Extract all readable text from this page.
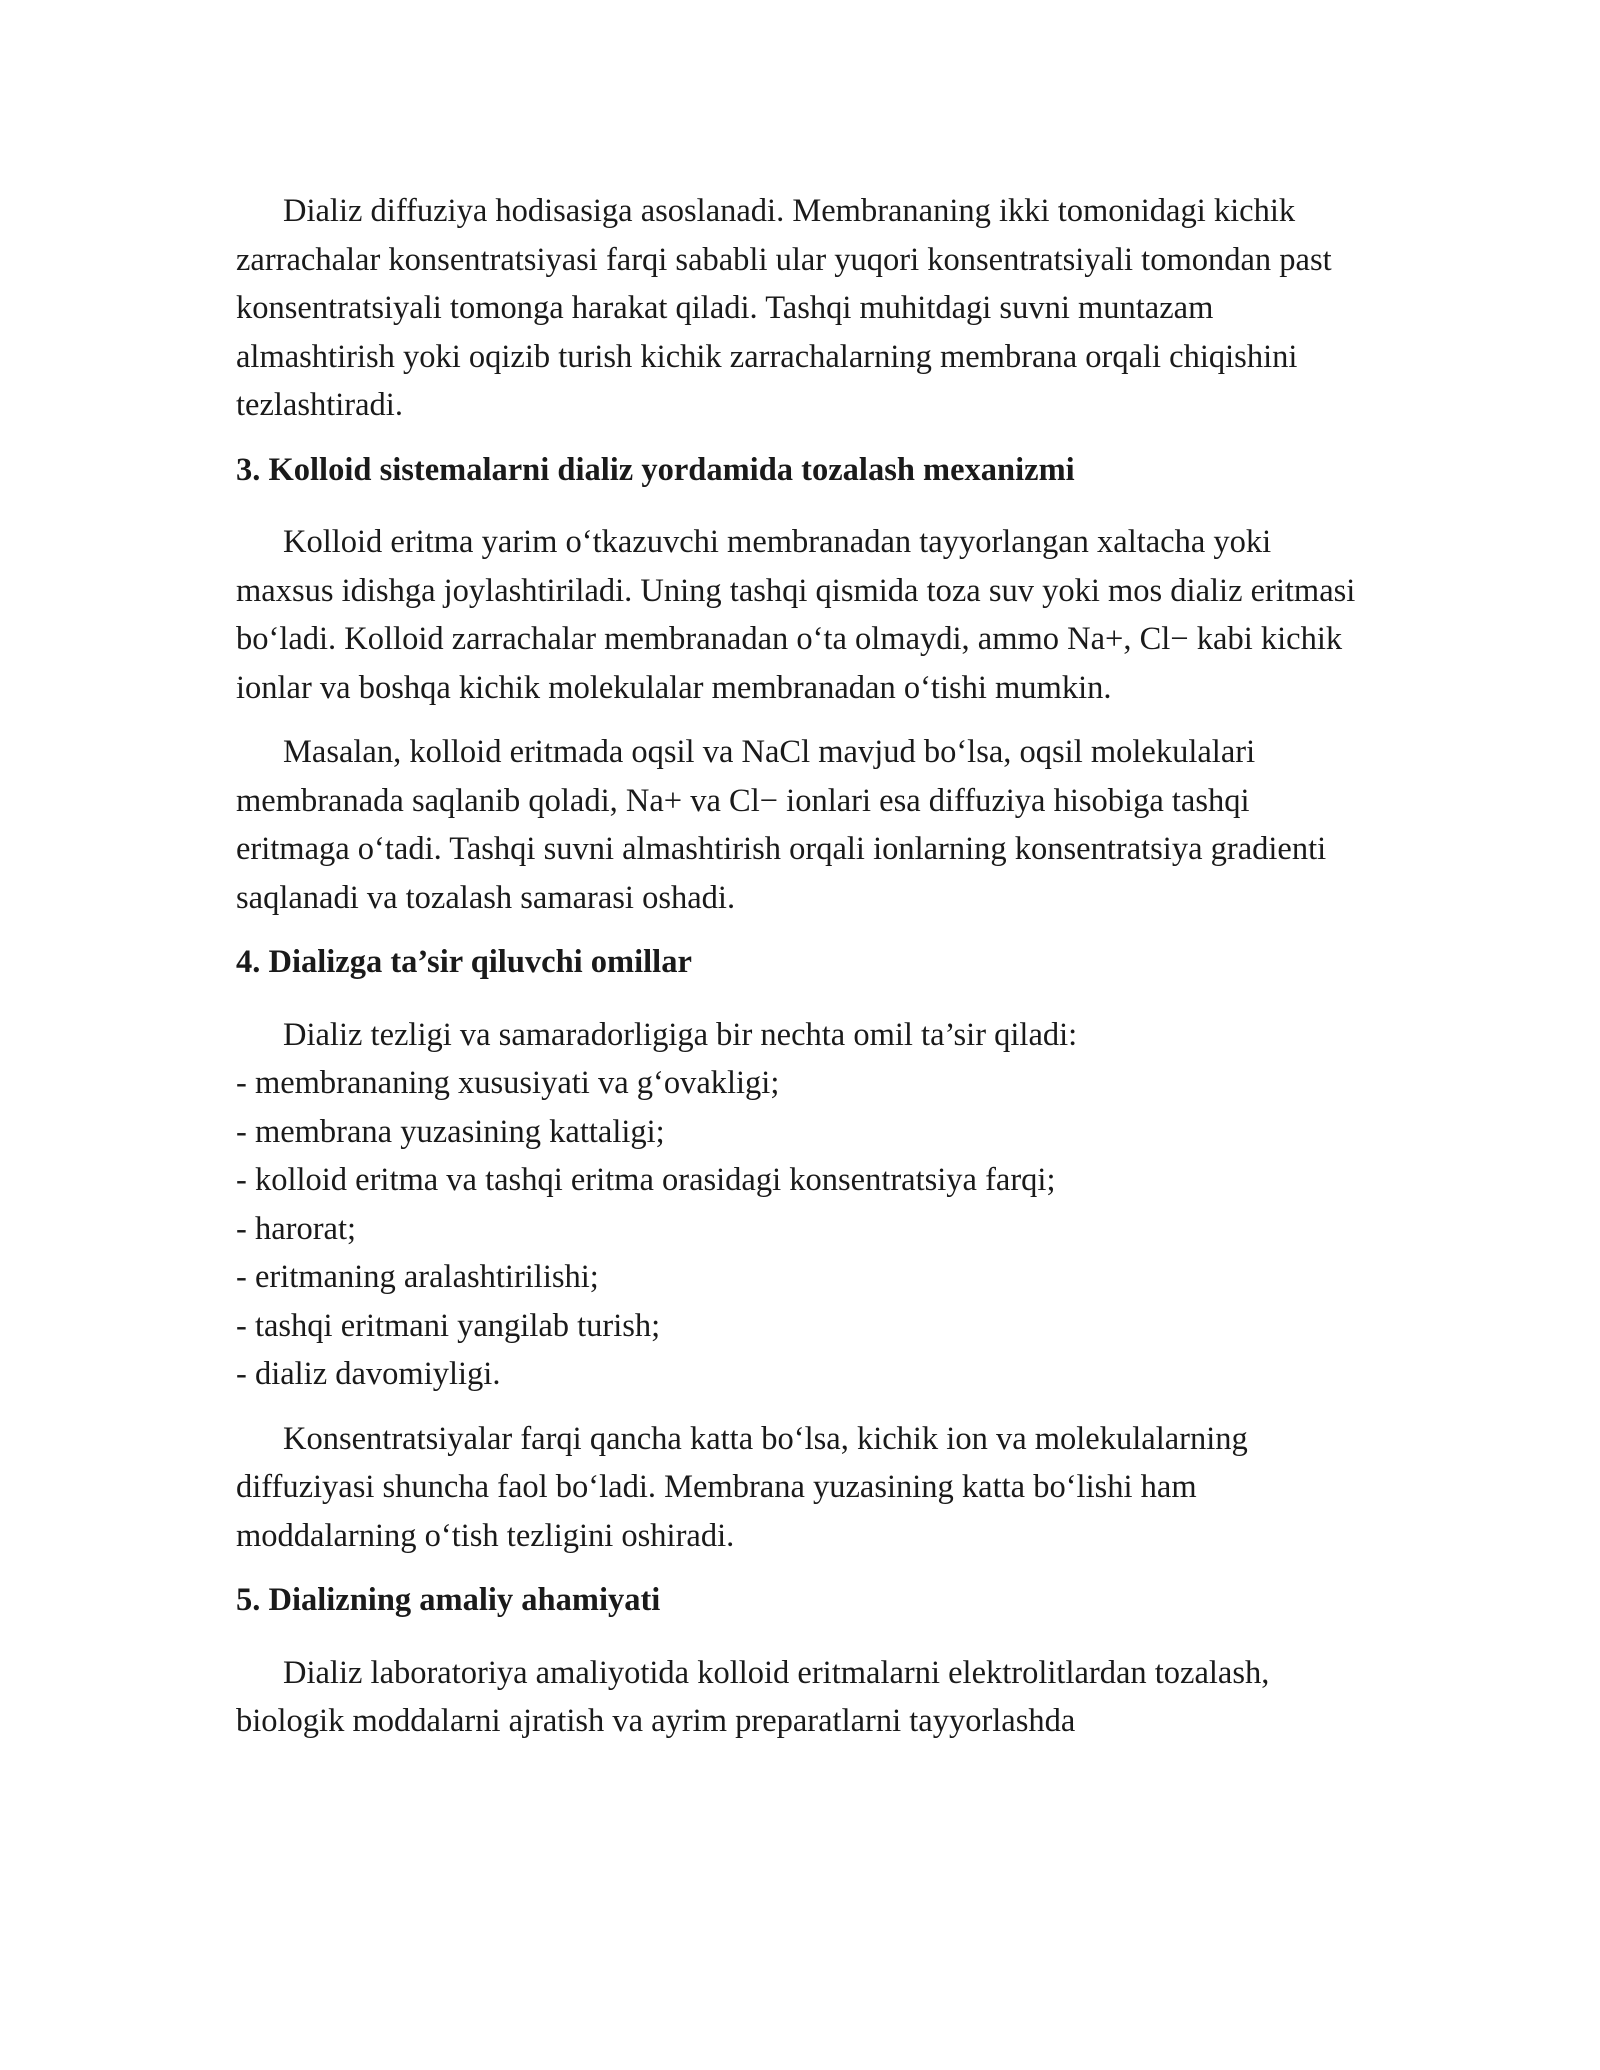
Dializ diffuziya hodisasiga asoslanadi. Membrananing ikki tomonidagi kichik zarrachalar konsentratsiyasi farqi sababli ular yuqori konsentratsiyali tomondan past konsentratsiyali tomonga harakat qiladi. Tashqi muhitdagi suvni muntazam almashtirish yoki oqizib turish kichik zarrachalarning membrana orqali chiqishini tezlashtiradi.

3. Kolloid sistemalarni dializ yordamida tozalash mexanizmi

Kolloid eritma yarim o‘tkazuvchi membranadan tayyorlangan xaltacha yoki maxsus idishga joylashtiriladi. Uning tashqi qismida toza suv yoki mos dializ eritmasi bo‘ladi. Kolloid zarrachalar membranadan o‘ta olmaydi, ammo Na+, Cl− kabi kichik ionlar va boshqa kichik molekulalar membranadan o‘tishi mumkin.

Masalan, kolloid eritmada oqsil va NaCl mavjud bo‘lsa, oqsil molekulalari membranada saqlanib qoladi, Na+ va Cl− ionlari esa diffuziya hisobiga tashqi eritmaga o‘tadi. Tashqi suvni almashtirish orqali ionlarning konsentratsiya gradienti saqlanadi va tozalash samarasi oshadi.

4. Dializga ta’sir qiluvchi omillar

Dializ tezligi va samaradorligiga bir nechta omil ta’sir qiladi:

- membrananing xususiyati va g‘ovakligi;
- membrana yuzasining kattaligi;
- kolloid eritma va tashqi eritma orasidagi konsentratsiya farqi;
- harorat;
- eritmaning aralashtirilishi;
- tashqi eritmani yangilab turish;
- dializ davomiyligi.

Konsentratsiyalar farqi qancha katta bo‘lsa, kichik ion va molekulalarning diffuziyasi shuncha faol bo‘ladi. Membrana yuzasining katta bo‘lishi ham moddalarning o‘tish tezligini oshiradi.

5. Dializning amaliy ahamiyati

Dializ laboratoriya amaliyotida kolloid eritmalarni elektrolitlardan tozalash, biologik moddalarni ajratish va ayrim preparatlarni tayyorlashda
